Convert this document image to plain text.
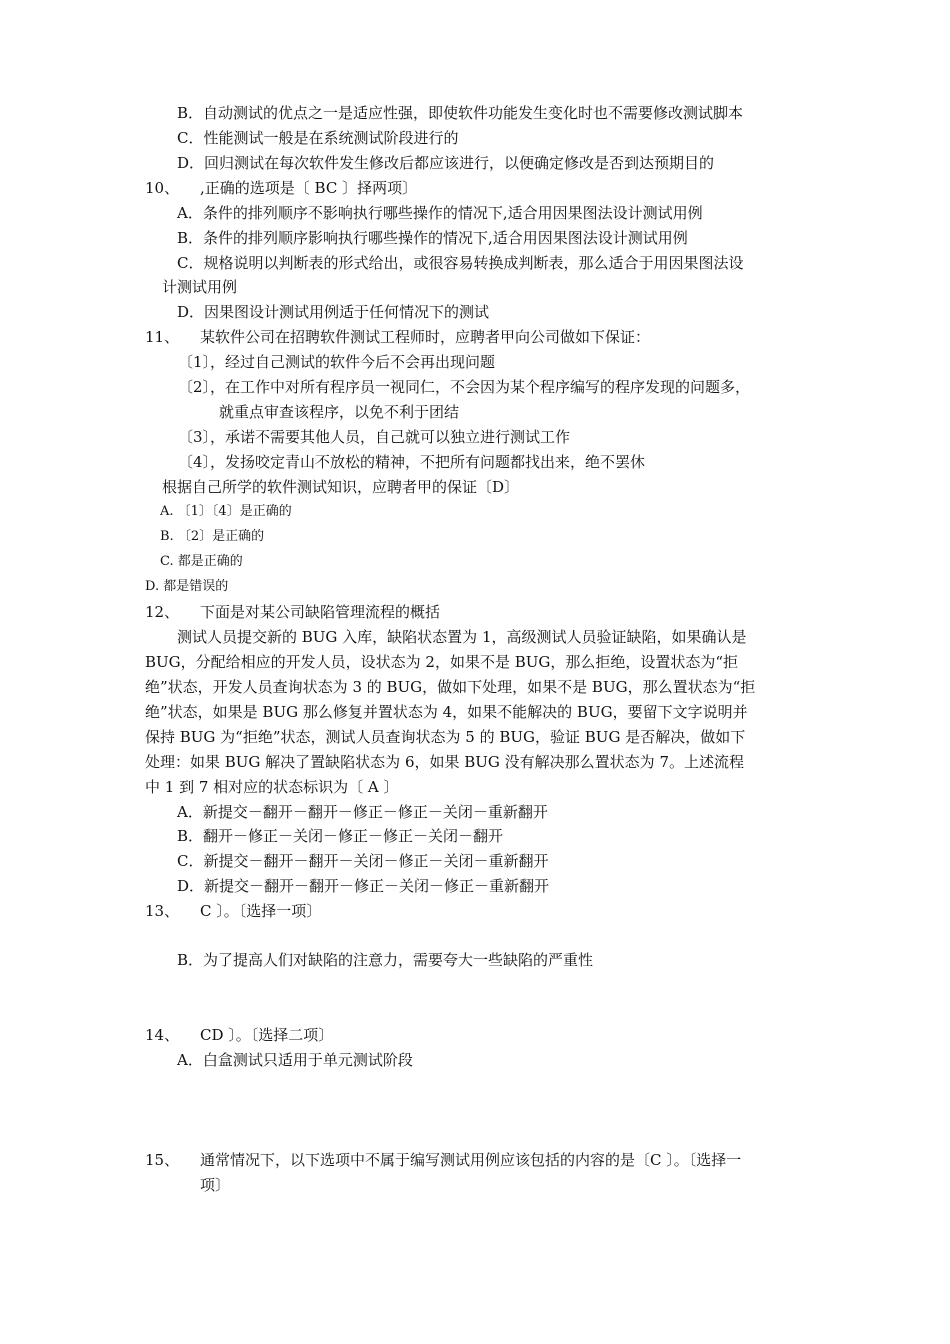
B．自动测试的优点之一是适应性强，即使软件功能发生变化时也不需要修改测试脚本
C．性能测试一般是在系统测试阶段进行的
D．回归测试在每次软件发生修改后都应该进行，以便确定修改是否到达预期目的
10、 ,正确的选项是〔 BC 〕择两项〕
A．条件的排列顺序不影响执行哪些操作的情况下,适合用因果图法设计测试用例
B．条件的排列顺序影响执行哪些操作的情况下,适合用因果图法设计测试用例
C．规格说明以判断表的形式给出，或很容易转换成判断表，那么适合于用因果图法设
计测试用例
D．因果图设计测试用例适于任何情况下的测试
11、 某软件公司在招聘软件测试工程师时，应聘者甲向公司做如下保证：
〔1〕，经过自己测试的软件今后不会再出现问题
〔2〕，在工作中对所有程序员一视同仁，不会因为某个程序编写的程序发现的问题多，
就重点审查该程序，以免不利于团结
〔3〕，承诺不需要其他人员，自己就可以独立进行测试工作
〔4〕，发扬咬定青山不放松的精神，不把所有问题都找出来，绝不罢休
根据自己所学的软件测试知识，应聘者甲的保证〔D〕
A. 〔1〕〔4〕是正确的
B. 〔2〕是正确的
C. 都是正确的
D. 都是错误的
12、 下面是对某公司缺陷管理流程的概括
测试人员提交新的 BUG 入库，缺陷状态置为 1，高级测试人员验证缺陷，如果确认是
BUG，分配给相应的开发人员，设状态为 2，如果不是 BUG，那么拒绝，设置状态为“拒
绝”状态，开发人员查询状态为 3 的 BUG，做如下处理，如果不是 BUG，那么置状态为“拒
绝”状态，如果是 BUG 那么修复并置状态为 4，如果不能解决的 BUG，要留下文字说明并
保持 BUG 为“拒绝”状态，测试人员查询状态为 5 的 BUG，验证 BUG 是否解决，做如下
处理：如果 BUG 解决了置缺陷状态为 6，如果 BUG 没有解决那么置状态为 7。上述流程
中 1 到 7 相对应的状态标识为〔 A 〕
A．新提交－翻开－翻开－修正－修正－关闭－重新翻开
B．翻开－修正－关闭－修正－修正－关闭－翻开
C．新提交－翻开－翻开－关闭－修正－关闭－重新翻开
D．新提交－翻开－翻开－修正－关闭－修正－重新翻开
13、 C 〕。〔选择一项〕
B．为了提高人们对缺陷的注意力，需要夸大一些缺陷的严重性
14、 CD 〕。〔选择二项〕
A．白盒测试只适用于单元测试阶段
15、 通常情况下，以下选项中不属于编写测试用例应该包括的内容的是〔C 〕。〔选择一
项〕
